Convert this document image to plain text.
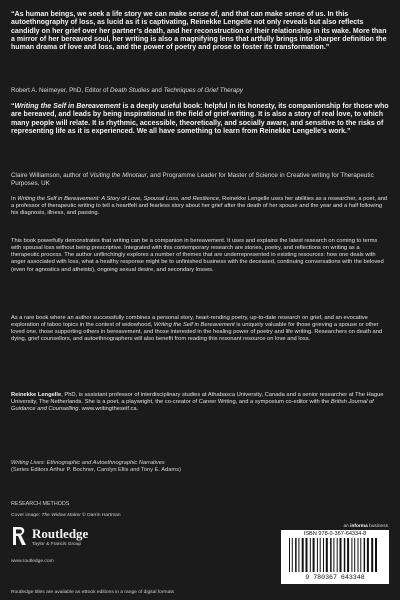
“As human beings, we seek a life story we can make sense of, and that can make sense of us. In this autoethnography of loss, as lucid as it is captivating, Reinekke Lengelle not only reveals but also reflects candidly on her grief over her partner’s death, and her reconstruction of their relationship in its wake. More than a mirror of her bereaved soul, her writing is also a magnifying lens that artfully brings into sharper definition the human drama of love and loss, and the power of poetry and prose to foster its transformation.”
Robert A. Neimeyer, PhD, Editor of Death Studies and Techniques of Grief Therapy
“Writing the Self in Bereavement is a deeply useful book: helpful in its honesty, its companionship for those who are bereaved, and leads by being inspirational in the field of grief-writing. It is also a story of real love, to which many people will relate. It is rhythmic, accessible, theoretically, and socially aware, and sensitive to the risks of representing life as it is experienced. We all have something to learn from Reinekke Lengelle’s work.”
Claire Williamson, author of Visiting the Minotaur, and Programme Leader for Master of Science in Creative writing for Therapeutic Purposes, UK
In Writing the Self in Bereavement: A Story of Love, Spousal Loss, and Resilience, Reinekke Lengelle uses her abilities as a researcher, a poet, and a professor of therapeutic writing to tell a heartfelt and fearless story about her grief after the death of her spouse and the year and a half following his diagnosis, illness, and passing.
This book powerfully demonstrates that writing can be a companion in bereavement. It uses and explains the latest research on coming to terms with spousal loss without being prescriptive. Integrated with this contemporary research are stories, poetry, and reflections on writing as a therapeutic process. The author unflinchingly explores a number of themes that are underrepresented in existing resources: how one deals with anger associated with loss, what a healthy response might be to unfinished business with the deceased, continuing conversations with the beloved (even for agnostics and atheists), ongoing sexual desire, and secondary losses.
As a rare book where an author successfully combines a personal story, heart-rending poetry, up-to-date research on grief, and an evocative exploration of taboo topics in the context of widowhood, Writing the Self in Bereavement is uniquely valuable for those grieving a spouse or other loved one, those supporting others in bereavement, and those interested in the healing power of poetry and life writing. Researchers on death and dying, grief counsellors, and autoethnographers will also benefit from reading this resonant resource on love and loss.
Reinekke Lengelle, PhD, is assistant professor of interdisciplinary studies at Athabasca University, Canada and a senior researcher at The Hague University, The Netherlands. She is a poet, a playwright, the co-creator of Career Writing, and a symposium co-editor with the British Journal of Guidance and Counselling. www.writingtheself.ca.
Writing Lives: Ethnographic and Autoethnographic Narratives
(Series Editors Arthur P. Bochner, Carolyn Ellis and Tony E. Adams)
RESEARCH METHODS
Cover image: The Widow Maker © Darrin Hartman
Routledge
Taylor & Francis Group
www.routledge.com
an informa business
ISBN 978-0-367-64334-8
9 780367 643348
Routledge titles are available as eBook editions in a range of digital formats
